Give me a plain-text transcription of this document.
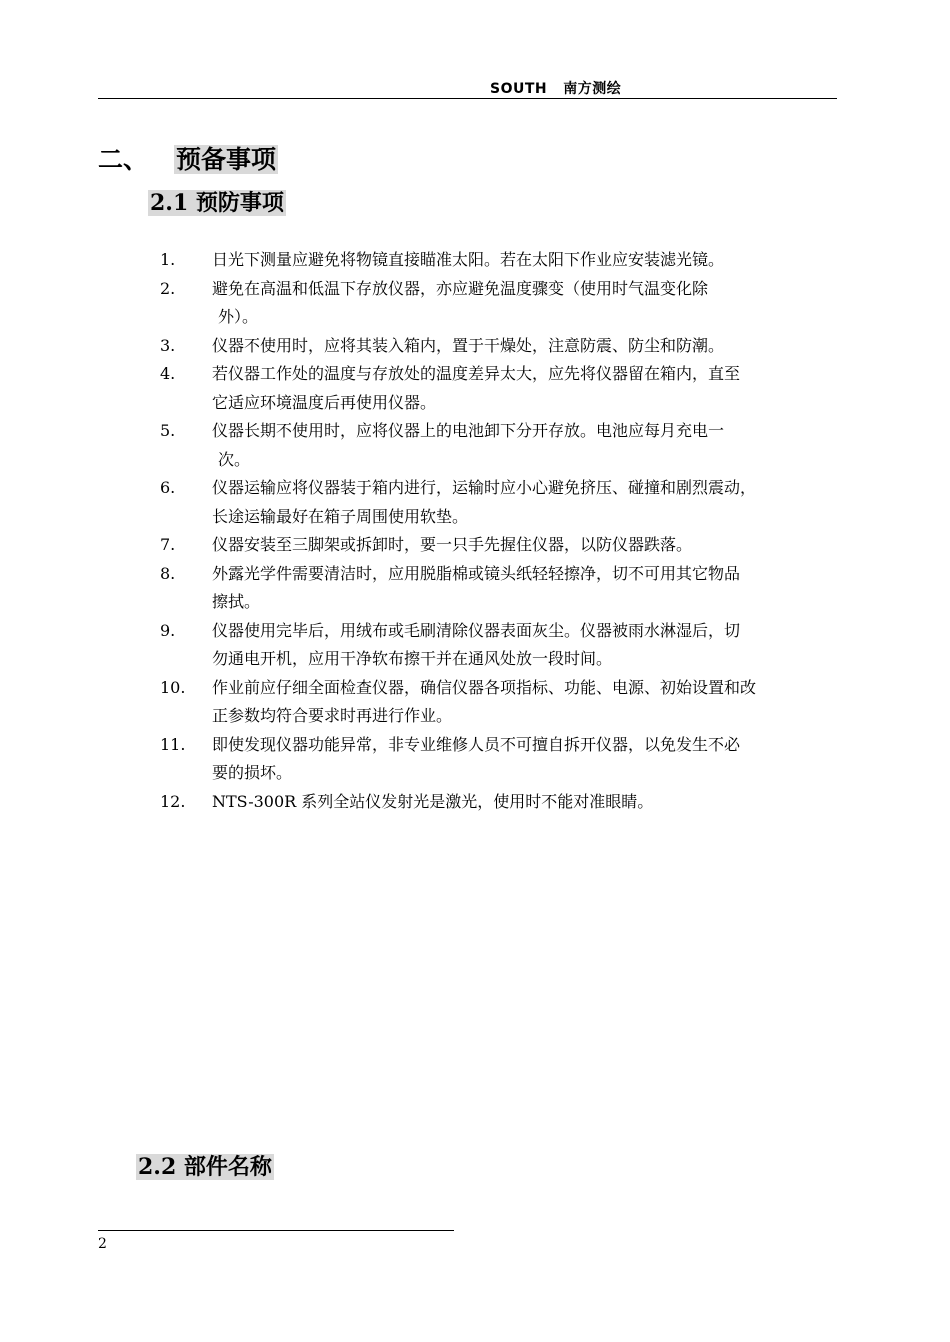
SOUTH   南方测绘
二、 预备事项
2.1 预防事项
1.	日光下测量应避免将物镜直接瞄准太阳。若在太阳下作业应安装滤光镜。
2.	避免在高温和低温下存放仪器，亦应避免温度骤变（使用时气温变化除
外）。
3.	仪器不使用时，应将其装入箱内，置于干燥处，注意防震、防尘和防潮。
4.	若仪器工作处的温度与存放处的温度差异太大，应先将仪器留在箱内，直至
它适应环境温度后再使用仪器。
5.	仪器长期不使用时，应将仪器上的电池卸下分开存放。电池应每月充电一
次。
6.	仪器运输应将仪器装于箱内进行，运输时应小心避免挤压、碰撞和剧烈震动，
长途运输最好在箱子周围使用软垫。
7.	仪器安装至三脚架或拆卸时，要一只手先握住仪器，以防仪器跌落。
8.	外露光学件需要清洁时，应用脱脂棉或镜头纸轻轻擦净，切不可用其它物品
擦拭。
9.	仪器使用完毕后，用绒布或毛刷清除仪器表面灰尘。仪器被雨水淋湿后，切
勿通电开机，应用干净软布擦干并在通风处放一段时间。
10.	作业前应仔细全面检查仪器，确信仪器各项指标、功能、电源、初始设置和改
正参数均符合要求时再进行作业。
11.	即使发现仪器功能异常，非专业维修人员不可擅自拆开仪器，以免发生不必
要的损坏。
12.	NTS-300R 系列全站仪发射光是激光，使用时不能对准眼睛。
2.2 部件名称
2
